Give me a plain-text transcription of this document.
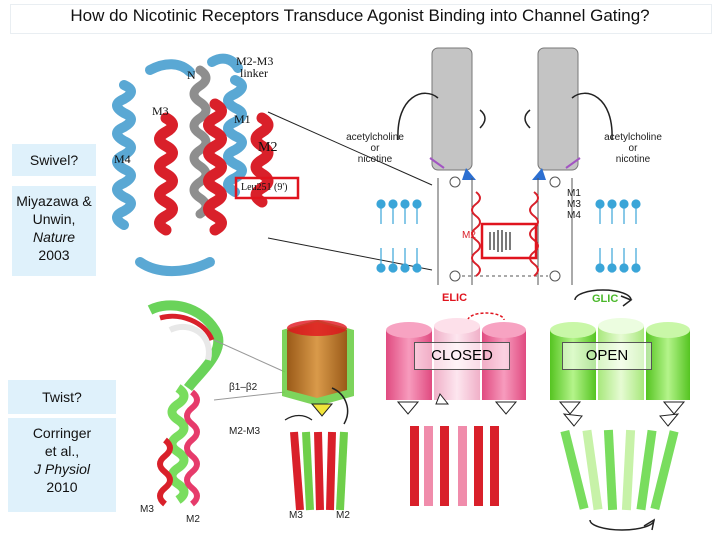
How do Nicotinic Receptors Transduce Agonist Binding into Channel Gating?
Swivel?
Miyazawa &
Unwin,
Nature
2003
Twist?
Corringer
et al.,
J Physiol
2010
M2-M3
linker
N
M3
M1
M2
M4
Leu251 (9')
acetylcholine
or
nicotine
acetylcholine
or
nicotine
M1
M3
M4
M2
ELIC	GLIC
CLOSED	OPEN
β1–β2
M2-M3
M3	M2
M3
M2
